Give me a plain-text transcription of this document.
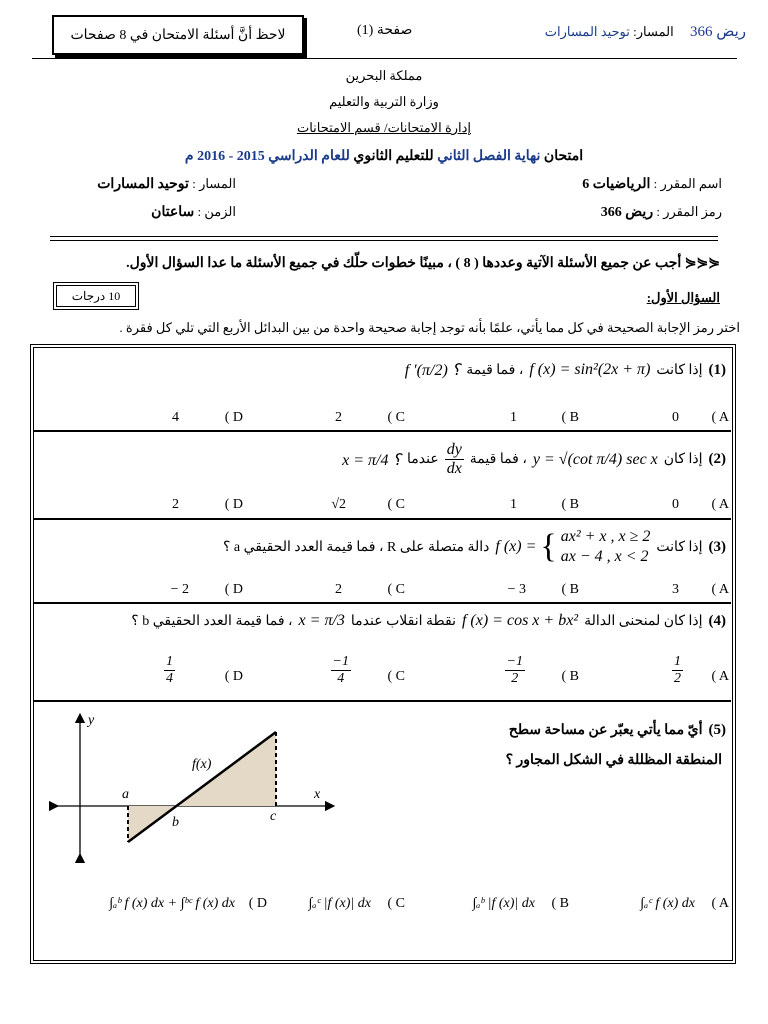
ريض 366     المسار: توحيد المسارات
صفحة (1)
لاحظ أنَّ أسئلة الامتحان في 8 صفحات
مملكة البحرين
وزارة التربية والتعليم
إدارة الامتحانات/ قسم الامتحانات
امتحان نهاية الفصل الثاني للتعليم الثانوي للعام الدراسي 2015 - 2016 م
اسم المقرر : الرياضيات 6
المسار : توحيد المسارات
رمز المقرر : ريض 366
الزمن : ساعتان
⋞⋞⋞ أجب عن جميع الأسئلة الآتية وعددها ( 8 ) ، مبينًا خطوات حلّك في جميع الأسئلة ما عدا السؤال الأول.
السؤال الأول:
10 درجات
اختر رمز الإجابة الصحيحة في كل مما يأتي، علمًا بأنه توجد إجابة صحيحة واحدة من بين البدائل الأربع التي تلي كل فقرة .
(1)
إذا كانت
f (x) = sin²(2x + π)
، فما قيمة
f ′(π/2) ؟
( A
0
( B
1
( C
2
( D
4
(2)
إذا كان
y = √(cot π/4) sec x
، فما قيمة
$\frac{dy}{dx}$
عندما
x = π/4 ؟
( A
0
( B
1
( C
√2
( D
2
(3)
إذا كانت
f (x) = { ax² + x , x ≥ 2
ax − 4 , x < 2
دالة متصلة على R ، فما قيمة العدد الحقيقي a ؟
( A
3
( B
− 3
( C
2
( D
− 2
(4)
إذا كان لمنحنى الدالة
f (x) = cos x + bx²
نقطة انقلاب عندما
x = π/3
، فما قيمة العدد الحقيقي b ؟
( A
$\frac{1}{2}$
( B
$\frac{-1}{2}$
( C
$\frac{-1}{4}$
( D
$\frac{1}{4}$
(5)
أيّ مما يأتي يعبّر عن مساحة سطح
المنطقة المظللة في الشكل المجاور ؟
y
x
f(x)
a
b	c
( A
∫ₐᶜ f (x) dx
( B
∫ₐᵇ |f (x)| dx
( C
∫ₐᶜ |f (x)| dx
( D
∫ₐᵇ f (x) dx + ∫ᵇᶜ f (x) dx
